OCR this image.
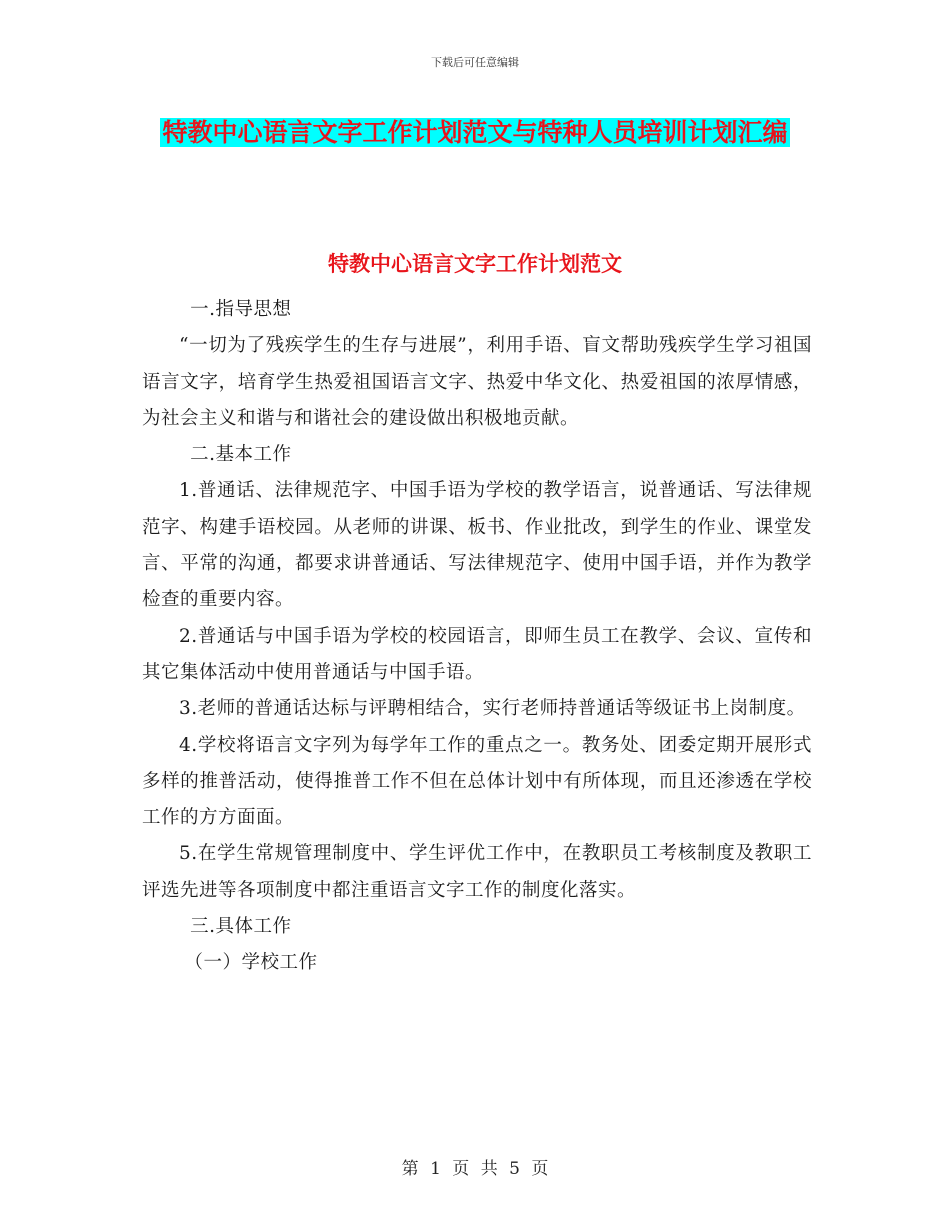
下载后可任意编辑
特教中心语言文字工作计划范文与特种人员培训计划汇编
特教中心语言文字工作计划范文

一.指导思想

“一切为了残疾学生的生存与进展”，利用手语、盲文帮助残疾学生学习祖国语言文字，培育学生热爱祖国语言文字、热爱中华文化、热爱祖国的浓厚情感，为社会主义和谐与和谐社会的建设做出积极地贡献。

二.基本工作

1.普通话、法律规范字、中国手语为学校的教学语言，说普通话、写法律规范字、构建手语校园。从老师的讲课、板书、作业批改，到学生的作业、课堂发言、平常的沟通，都要求讲普通话、写法律规范字、使用中国手语，并作为教学检查的重要内容。

2.普通话与中国手语为学校的校园语言，即师生员工在教学、会议、宣传和其它集体活动中使用普通话与中国手语。

3.老师的普通话达标与评聘相结合，实行老师持普通话等级证书上岗制度。

4.学校将语言文字列为每学年工作的重点之一。教务处、团委定期开展形式多样的推普活动，使得推普工作不但在总体计划中有所体现，而且还渗透在学校工作的方方面面。

5.在学生常规管理制度中、学生评优工作中，在教职员工考核制度及教职工评选先进等各项制度中都注重语言文字工作的制度化落实。

三.具体工作

（一）学校工作

第 1 页 共 5 页
